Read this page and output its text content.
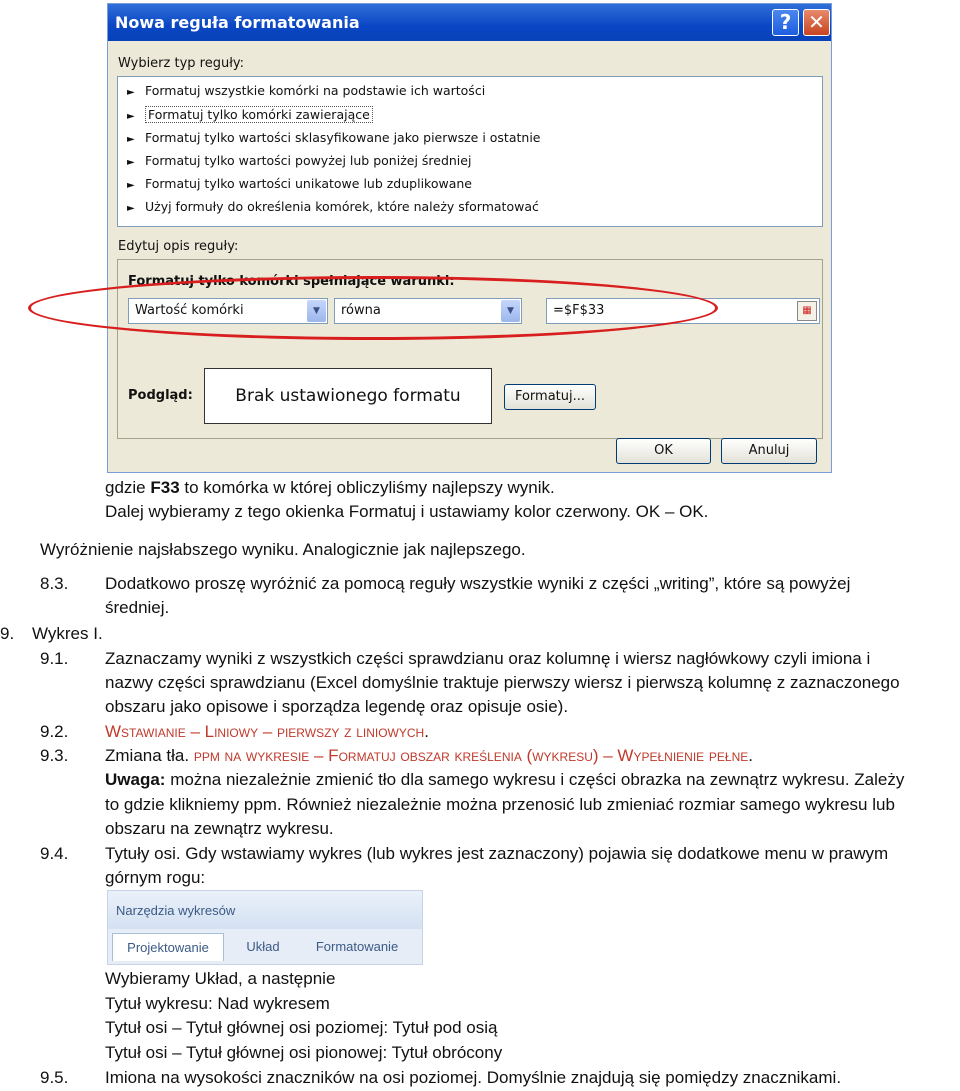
Nowa reguła formatowania	? ✕
Wybierz typ reguły:
► Formatuj wszystkie komórki na podstawie ich wartości
► Formatuj tylko komórki zawierające
► Formatuj tylko wartości sklasyfikowane jako pierwsze i ostatnie
► Formatuj tylko wartości powyżej lub poniżej średniej
► Formatuj tylko wartości unikatowe lub zduplikowane
► Użyj formuły do określenia komórek, które należy sformatować
Edytuj opis reguły:
Formatuj tylko komórki spełniające warunki:
Wartość komórki	▼	równa	▼	=$F$33	▦
Podgląd:	Brak ustawionego formatu	Formatuj...
OK	Anuluj
gdzie F33 to komórka w której obliczyliśmy najlepszy wynik.
Dalej wybieramy z tego okienka Formatuj i ustawiamy kolor czerwony. OK – OK.
Wyróżnienie najsłabszego wyniku. Analogicznie jak najlepszego.
8.3. Dodatkowo proszę wyróżnić za pomocą reguły wszystkie wyniki z części „writing”, które są powyżej
średniej.
9. Wykres I.
9.1. Zaznaczamy wyniki z wszystkich części sprawdzianu oraz kolumnę i wiersz nagłówkowy czyli imiona i
nazwy części sprawdzianu (Excel domyślnie traktuje pierwszy wiersz i pierwszą kolumnę z zaznaczonego
obszaru jako opisowe i sporządza legendę oraz opisuje osie).
9.2. Wstawianie – Liniowy – pierwszy z liniowych.
9.3. Zmiana tła. ppm na wykresie – Formatuj obszar kreślenia (wykresu) – Wypełnienie pełne.
Uwaga: można niezależnie zmienić tło dla samego wykresu i części obrazka na zewnątrz wykresu. Zależy
to gdzie klikniemy ppm. Również niezależnie można przenosić lub zmieniać rozmiar samego wykresu lub
obszaru na zewnątrz wykresu.
9.4. Tytuły osi. Gdy wstawiamy wykres (lub wykres jest zaznaczony) pojawia się dodatkowe menu w prawym
górnym rogu:
Narzędzia wykresów
Projektowanie	Układ	Formatowanie
Wybieramy Układ, a następnie
Tytuł wykresu: Nad wykresem
Tytuł osi – Tytuł głównej osi poziomej: Tytuł pod osią
Tytuł osi – Tytuł głównej osi pionowej: Tytuł obrócony
9.5. Imiona na wysokości znaczników na osi poziomej. Domyślnie znajdują się pomiędzy znacznikami.
